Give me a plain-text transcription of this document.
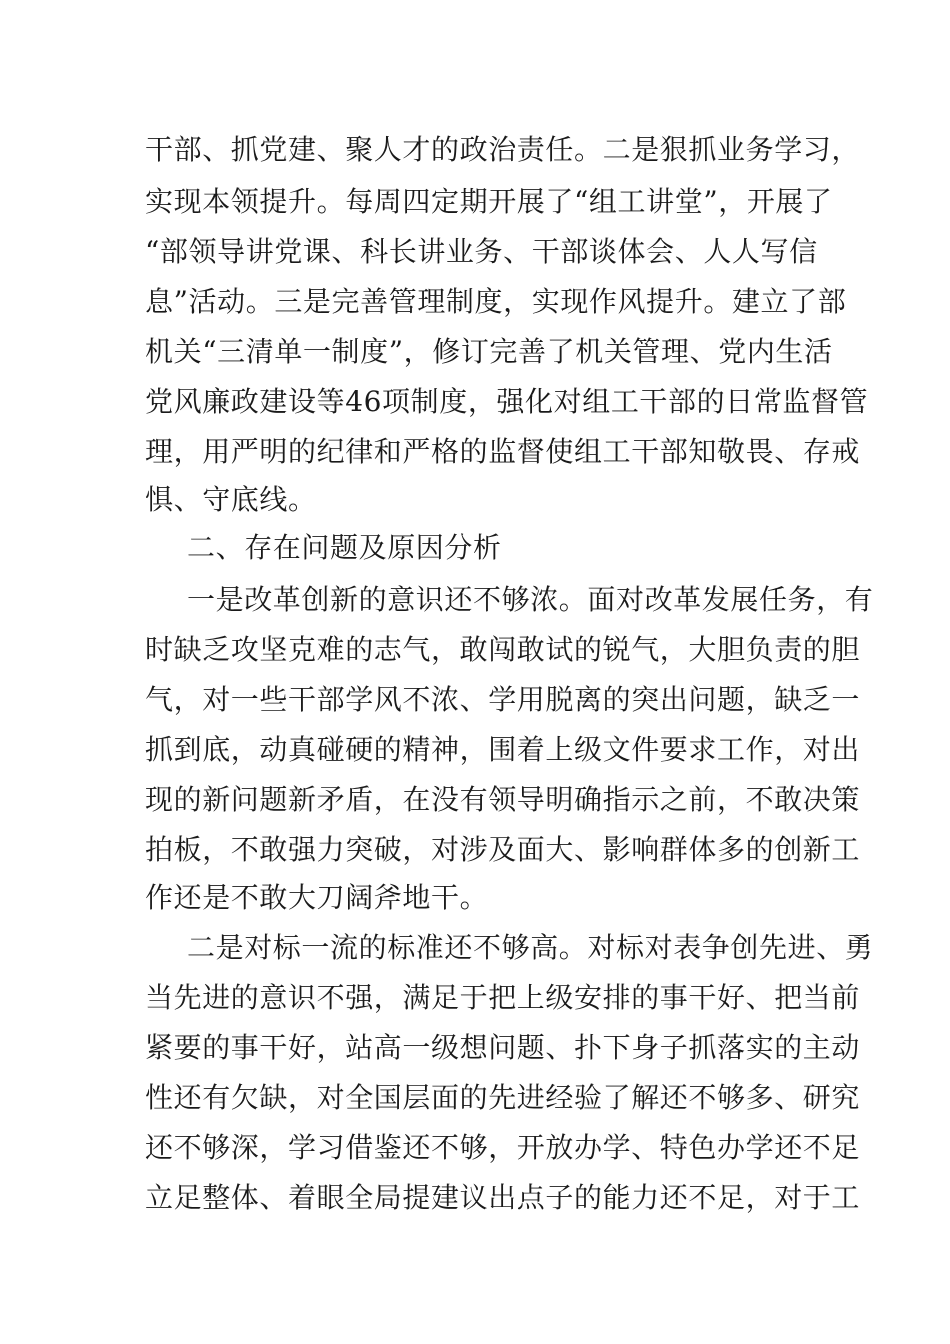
干部、抓党建、聚人才的政治责任。二是狠抓业务学习，
实现本领提升。每周四定期开展了“组工讲堂”，开展了
“部领导讲党课、科长讲业务、干部谈体会、人人写信
息”活动。三是完善管理制度，实现作风提升。建立了部
机关“三清单一制度”，修订完善了机关管理、党内生活
党风廉政建设等46项制度，强化对组工干部的日常监督管
理，用严明的纪律和严格的监督使组工干部知敬畏、存戒
惧、守底线。
二、存在问题及原因分析
一是改革创新的意识还不够浓。面对改革发展任务，有
时缺乏攻坚克难的志气，敢闯敢试的锐气，大胆负责的胆
气，对一些干部学风不浓、学用脱离的突出问题，缺乏一
抓到底，动真碰硬的精神，围着上级文件要求工作，对出
现的新问题新矛盾，在没有领导明确指示之前，不敢决策
拍板，不敢强力突破，对涉及面大、影响群体多的创新工
作还是不敢大刀阔斧地干。
二是对标一流的标准还不够高。对标对表争创先进、勇
当先进的意识不强，满足于把上级安排的事干好、把当前
紧要的事干好，站高一级想问题、扑下身子抓落实的主动
性还有欠缺，对全国层面的先进经验了解还不够多、研究
还不够深，学习借鉴还不够，开放办学、特色办学还不足
立足整体、着眼全局提建议出点子的能力还不足，对于工
